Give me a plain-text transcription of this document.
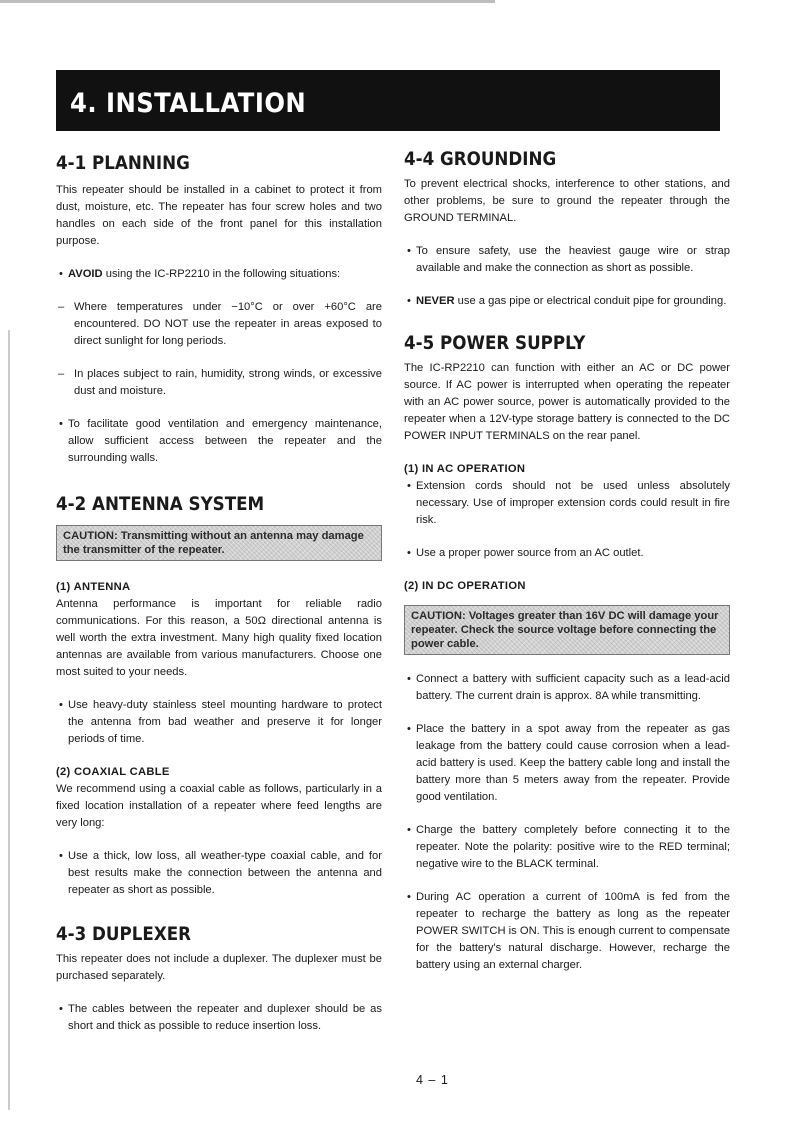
4. INSTALLATION
4-1 PLANNING

This repeater should be installed in a cabinet to protect it from dust, moisture, etc. The repeater has four screw holes and two handles on each side of the front panel for this installation purpose.

• AVOID using the IC-RP2210 in the following situations:

– Where temperatures under −10°C or over +60°C are encountered. DO NOT use the repeater in areas exposed to direct sunlight for long periods.

– In places subject to rain, humidity, strong winds, or excessive dust and moisture.

• To facilitate good ventilation and emergency maintenance, allow sufficient access between the repeater and the surrounding walls.

4-2 ANTENNA SYSTEM
CAUTION: Transmitting without an antenna may damage the transmitter of the repeater.
(1) ANTENNA

Antenna performance is important for reliable radio communications. For this reason, a 50Ω directional antenna is well worth the extra investment. Many high quality fixed location antennas are available from various manufacturers. Choose one most suited to your needs.

• Use heavy-duty stainless steel mounting hardware to protect the antenna from bad weather and preserve it for longer periods of time.

(2) COAXIAL CABLE

We recommend using a coaxial cable as follows, particularly in a fixed location installation of a repeater where feed lengths are very long:

• Use a thick, low loss, all weather-type coaxial cable, and for best results make the connection between the antenna and repeater as short as possible.

4-3 DUPLEXER

This repeater does not include a duplexer. The duplexer must be purchased separately.

• The cables between the repeater and duplexer should be as short and thick as possible to reduce insertion loss.

4-4 GROUNDING

To prevent electrical shocks, interference to other stations, and other problems, be sure to ground the repeater through the GROUND TERMINAL.

• To ensure safety, use the heaviest gauge wire or strap available and make the connection as short as possible.

• NEVER use a gas pipe or electrical conduit pipe for grounding.

4-5 POWER SUPPLY

The IC-RP2210 can function with either an AC or DC power source. If AC power is interrupted when operating the repeater with an AC power source, power is automatically provided to the repeater when a 12V-type storage battery is connected to the DC POWER INPUT TERMINALS on the rear panel.

(1) IN AC OPERATION

• Extension cords should not be used unless absolutely necessary. Use of improper extension cords could result in fire risk.

• Use a proper power source from an AC outlet.

(2) IN DC OPERATION
CAUTION: Voltages greater than 16V DC will damage your repeater. Check the source voltage before connecting the power cable.

• Connect a battery with sufficient capacity such as a lead-acid battery. The current drain is approx. 8A while transmitting.

• Place the battery in a spot away from the repeater as gas leakage from the battery could cause corrosion when a lead-acid battery is used. Keep the battery cable long and install the battery more than 5 meters away from the repeater. Provide good ventilation.

• Charge the battery completely before connecting it to the repeater. Note the polarity: positive wire to the RED terminal; negative wire to the BLACK terminal.

• During AC operation a current of 100mA is fed from the repeater to recharge the battery as long as the repeater POWER SWITCH is ON. This is enough current to compensate for the battery's natural discharge. However, recharge the battery using an external charger.

4 – 1
